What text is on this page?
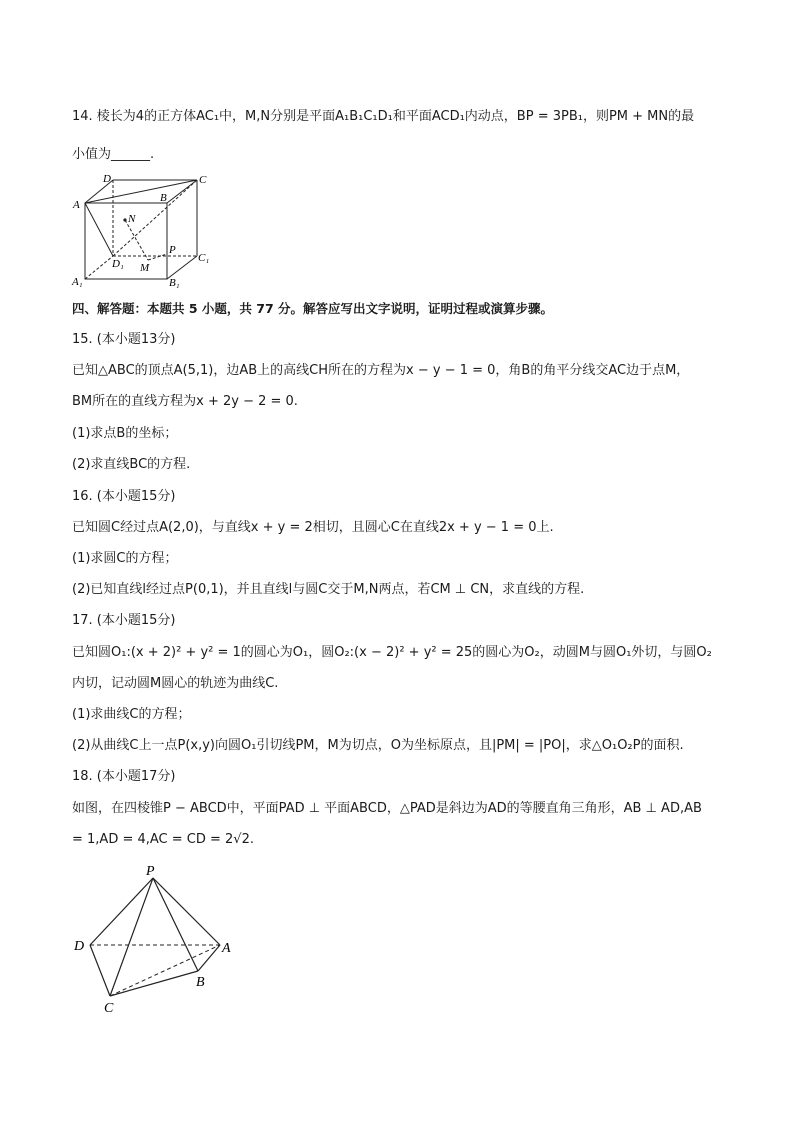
14. 棱长为4的正方体AC₁中，M,N分别是平面A₁B₁C₁D₁和平面ACD₁内动点，BP = 3PB₁，则PM + MN的最
小值为______.
D	C
A
B
N
P
D₁ M
C₁
A₁	B₁
四、解答题：本题共 5 小题，共 77 分。解答应写出文字说明，证明过程或演算步骤。
15. (本小题13分)
已知△ABC的顶点A(5,1)，边AB上的高线CH所在的方程为x − y − 1 = 0，角B的角平分线交AC边于点M，
BM所在的直线方程为x + 2y − 2 = 0.
(1)求点B的坐标；
(2)求直线BC的方程.
16. (本小题15分)
已知圆C经过点A(2,0)，与直线x + y = 2相切，且圆心C在直线2x + y − 1 = 0上.
(1)求圆C的方程；
(2)已知直线l经过点P(0,1)，并且直线l与圆C交于M,N两点，若CM ⊥ CN，求直线的方程.
17. (本小题15分)
已知圆O₁:(x + 2)² + y² = 1的圆心为O₁，圆O₂:(x − 2)² + y² = 25的圆心为O₂，动圆M与圆O₁外切，与圆O₂
内切，记动圆M圆心的轨迹为曲线C.
(1)求曲线C的方程；
(2)从曲线C上一点P(x,y)向圆O₁引切线PM，M为切点，O为坐标原点，且|PM| = |PO|，求△O₁O₂P的面积.
18. (本小题17分)
如图，在四棱锥P − ABCD中，平面PAD ⊥ 平面ABCD，△PAD是斜边为AD的等腰直角三角形，AB ⊥ AD,AB
= 1,AD = 4,AC = CD = 2√2.
P
D	A
B
C
